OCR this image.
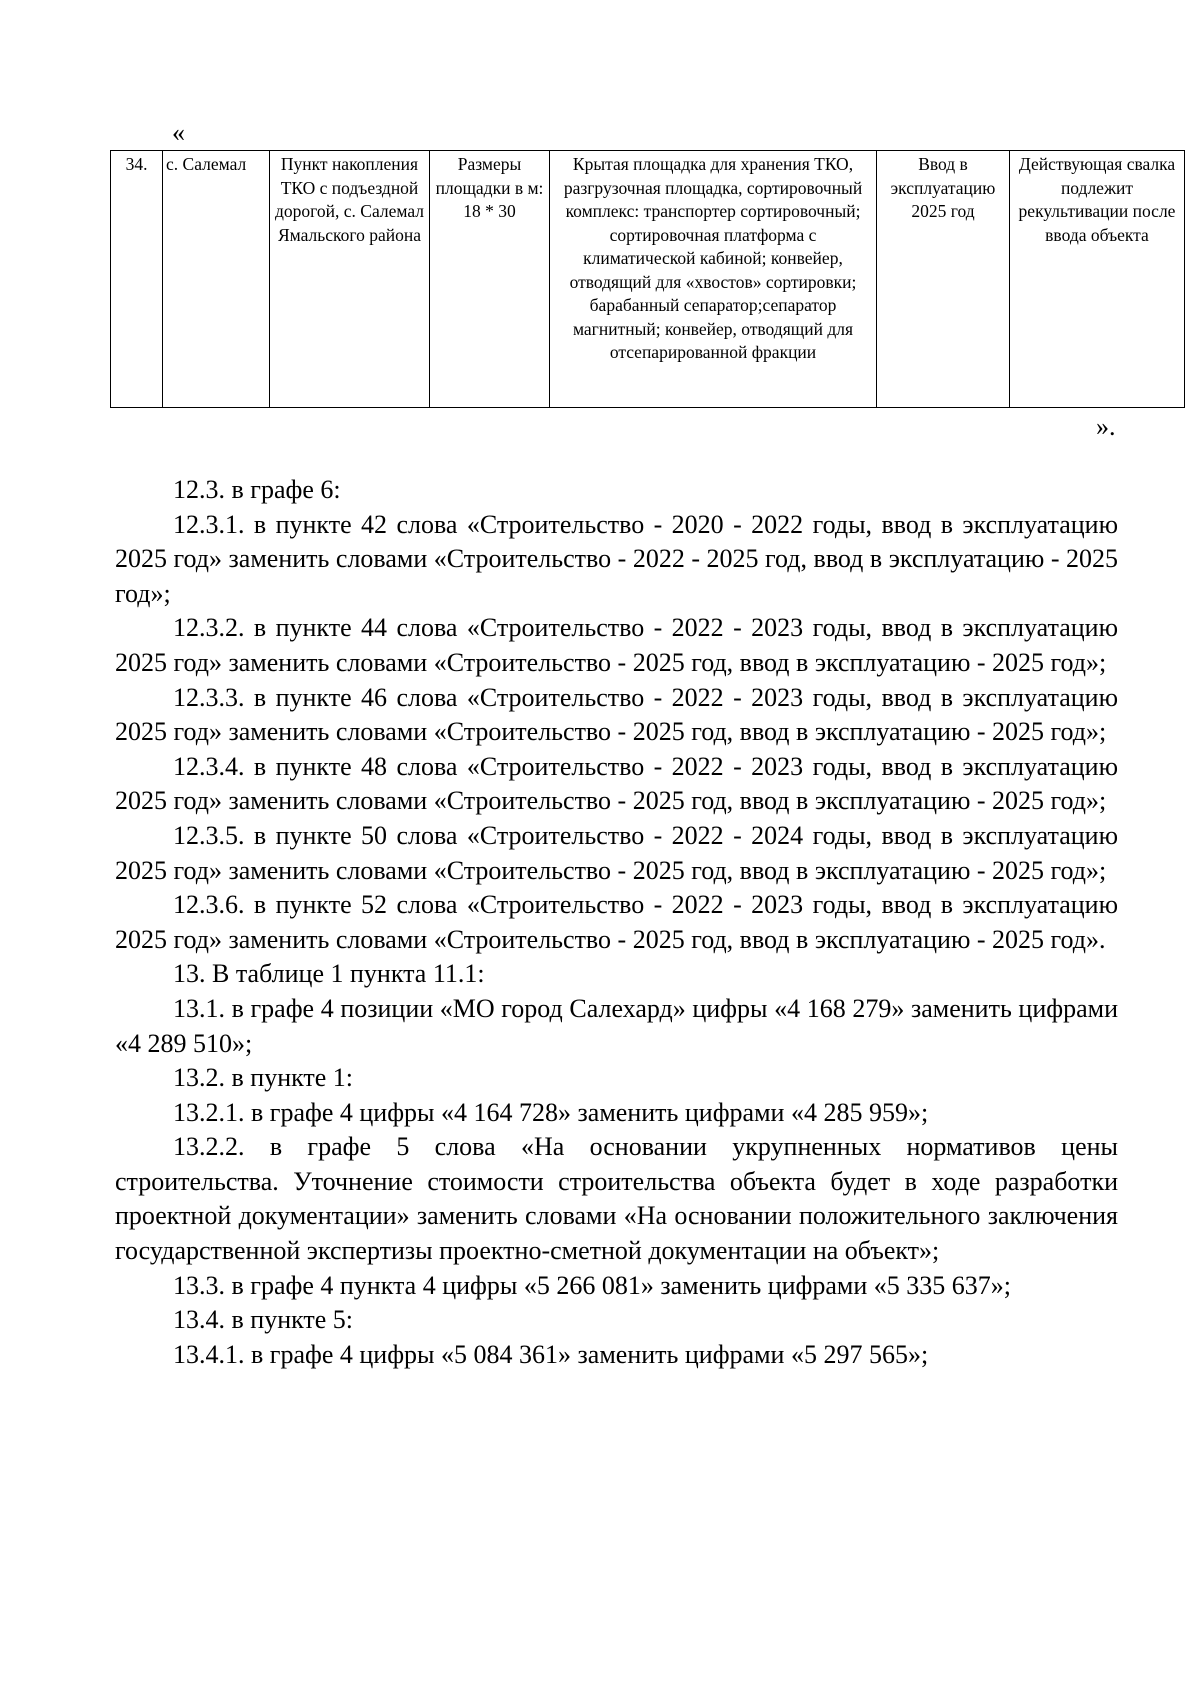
«
34.	с. Салемал	Пункт накопления ТКО с подъездной дорогой, с. Салемал Ямальского района	Размеры площадки в м: 18 * 30	Крытая площадка для хранения ТКО, разгрузочная площадка, сортировочный комплекс: транспортер сортировочный; сортировочная платформа с климатической кабиной; конвейер, отводящий для «хвостов» сортировки; барабанный сепаратор;сепаратор магнитный; конвейер, отводящий для отсепарированной фракции	Ввод в эксплуатацию 2025 год	Действующая свалка подлежит рекультивации после ввода объекта
».

12.3. в графе 6:

12.3.1. в пункте 42 слова «Строительство - 2020 - 2022 годы, ввод в эксплуатацию 2025 год» заменить словами «Строительство - 2022 - 2025 год, ввод в эксплуатацию - 2025 год»;

12.3.2. в пункте 44 слова «Строительство - 2022 - 2023 годы, ввод в эксплуатацию 2025 год» заменить словами «Строительство - 2025 год, ввод в эксплуатацию - 2025 год»;

12.3.3. в пункте 46 слова «Строительство - 2022 - 2023 годы, ввод в эксплуатацию 2025 год» заменить словами «Строительство - 2025 год, ввод в эксплуатацию - 2025 год»;

12.3.4. в пункте 48 слова «Строительство - 2022 - 2023 годы, ввод в эксплуатацию 2025 год» заменить словами «Строительство - 2025 год, ввод в эксплуатацию - 2025 год»;

12.3.5. в пункте 50 слова «Строительство - 2022 - 2024 годы, ввод в эксплуатацию 2025 год» заменить словами «Строительство - 2025 год, ввод в эксплуатацию - 2025 год»;

12.3.6. в пункте 52 слова «Строительство - 2022 - 2023 годы, ввод в эксплуатацию 2025 год» заменить словами «Строительство - 2025 год, ввод в эксплуатацию - 2025 год».

13. В таблице 1 пункта 11.1:

13.1. в графе 4 позиции «МО город Салехард» цифры «4 168 279» заменить цифрами «4 289 510»;

13.2. в пункте 1:

13.2.1. в графе 4 цифры «4 164 728» заменить цифрами «4 285 959»;

13.2.2. в графе 5 слова «На основании укрупненных нормативов цены строительства. Уточнение стоимости строительства объекта будет в ходе разработки проектной документации» заменить словами «На основании положительного заключения государственной экспертизы проектно-сметной документации на объект»;

13.3. в графе 4 пункта 4 цифры «5 266 081» заменить цифрами «5 335 637»;

13.4. в пункте 5:

13.4.1. в графе 4 цифры «5 084 361» заменить цифрами «5 297 565»;
